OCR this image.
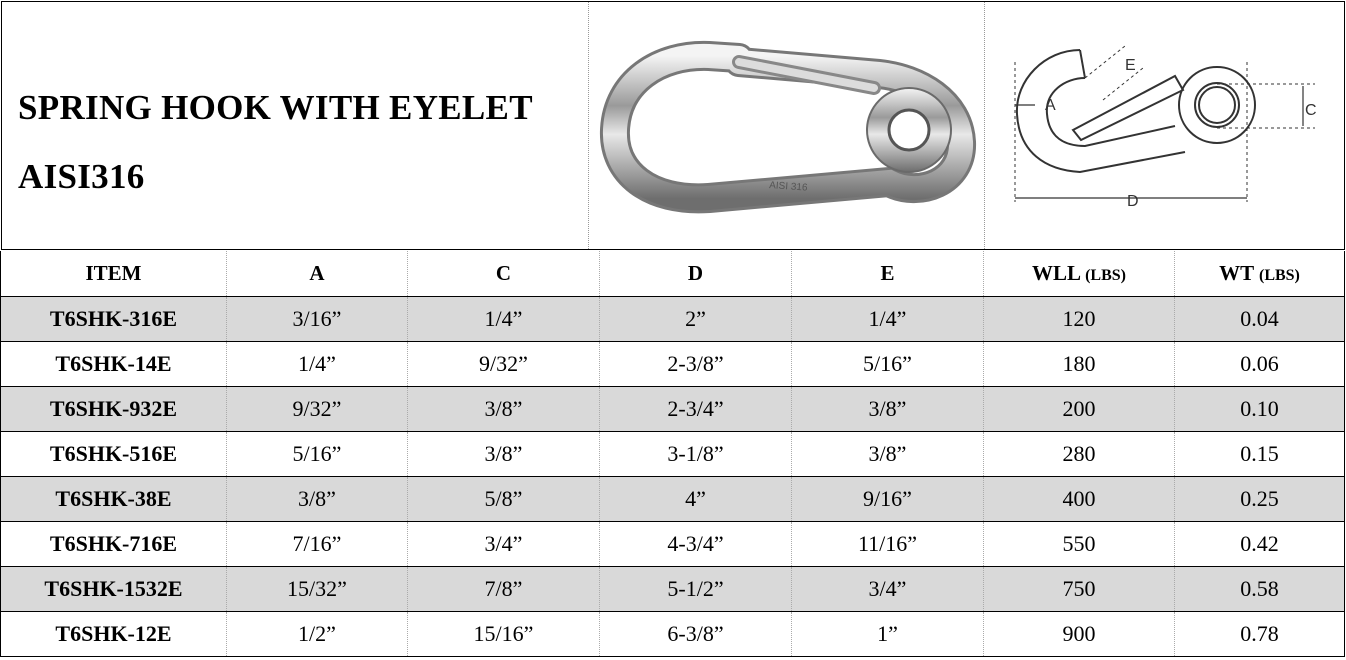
SPRING HOOK WITH EYELET
AISI316	AISI 316
A	C
D
E
ITEM	A	C	D	E	WLL (LBS)	WT (LBS)
T6SHK-316E	3/16”	1/4”	2”	1/4”	120	0.04
T6SHK-14E	1/4”	9/32”	2-3/8”	5/16”	180	0.06
T6SHK-932E	9/32”	3/8”	2-3/4”	3/8”	200	0.10
T6SHK-516E	5/16”	3/8”	3-1/8”	3/8”	280	0.15
T6SHK-38E	3/8”	5/8”	4”	9/16”	400	0.25
T6SHK-716E	7/16”	3/4”	4-3/4”	11/16”	550	0.42
T6SHK-1532E	15/32”	7/8”	5-1/2”	3/4”	750	0.58
T6SHK-12E	1/2”	15/16”	6-3/8”	1”	900	0.78
